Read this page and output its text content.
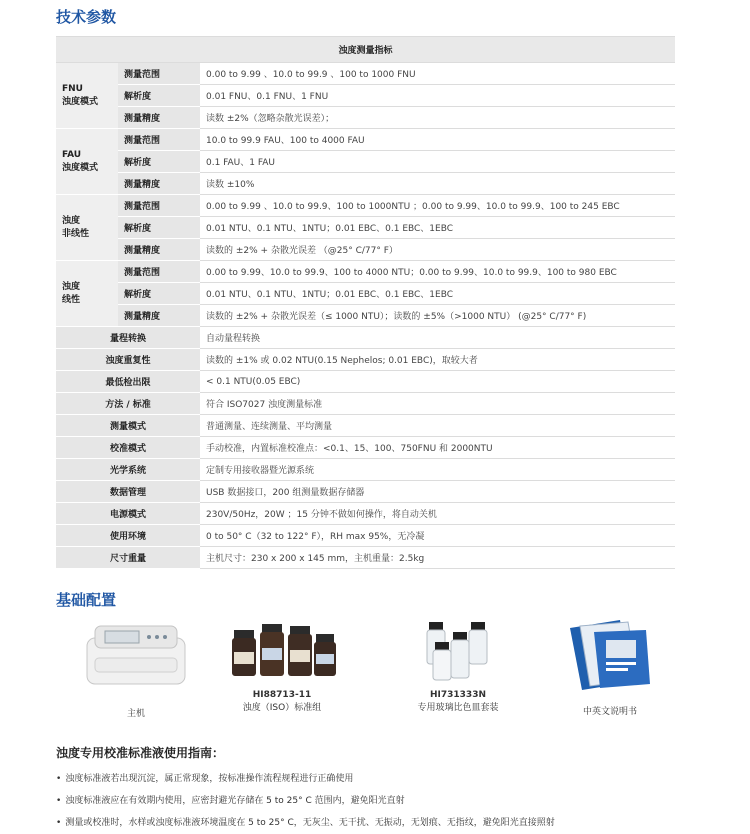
技术参数
浊度测量指标		

FNU
浊度模式	测量范围	0.00 to 9.99 、10.0 to 99.9 、100 to 1000 FNU
	解析度	0.01 FNU、0.1 FNU、1 FNU
	测量精度	读数 ±2%（忽略杂散光误差）；

FAU
浊度模式	测量范围	10.0 to 99.9 FAU、100 to 4000 FAU
	解析度	0.1 FAU、1 FAU
	测量精度	读数 ±10%

浊度
非线性	测量范围	0.00 to 9.99 、10.0 to 99.9、100 to 1000NTU ；0.00 to 9.99、10.0 to 99.9、100 to 245 EBC
	解析度	0.01 NTU、0.1 NTU、1NTU；0.01 EBC、0.1 EBC、1EBC
	测量精度	读数的 ±2% + 杂散光误差 （@25° C/77° F）

浊度
线性	测量范围	0.00 to 9.99、10.0 to 99.9、100 to 4000 NTU；0.00 to 9.99、10.0 to 99.9、100 to 980 EBC
	解析度	0.01 NTU、0.1 NTU、1NTU；0.01 EBC、0.1 EBC、1EBC
	测量精度	读数的 ±2% + 杂散光误差（≤ 1000 NTU）；读数的 ±5%（>1000 NTU） (@25° C/77° F)
量程转换		自动量程转换
浊度重复性		读数的 ±1% 或 0.02 NTU(0.15 Nephelos; 0.01 EBC)，取较大者
最低检出限		< 0.1 NTU(0.05 EBC)
方法 / 标准		符合 ISO7027 浊度测量标准
测量模式		普通测量、连续测量、平均测量
校准模式		手动校准，内置标准校准点：<0.1、15、100、750FNU 和 2000NTU
光学系统		定制专用接收器暨光源系统
数据管理		USB 数据接口，200 组测量数据存储器
电源模式		230V/50Hz，20W ；15 分钟不做如何操作，将自动关机
使用环境		0 to 50° C（32 to 122° F），RH max 95%，无冷凝
尺寸重量		主机尺寸：230 x 200 x 145 mm，主机重量：2.5kg
基础配置
主机
HI88713-11
浊度（ISO）标准组
HI731333N
专用玻璃比色皿套装	中英文说明书
浊度专用校准标准液使用指南：
• 浊度标准液若出现沉淀，属正常现象，按标准操作流程规程进行正确使用
• 浊度标准液应在有效期内使用，应密封避光存储在 5 to 25° C 范围内，避免阳光直射
• 测量或校准时，水样或浊度标准液环境温度在 5 to 25° C，无灰尘、无干扰、无振动，无划痕、无指纹，避免阳光直接照射
